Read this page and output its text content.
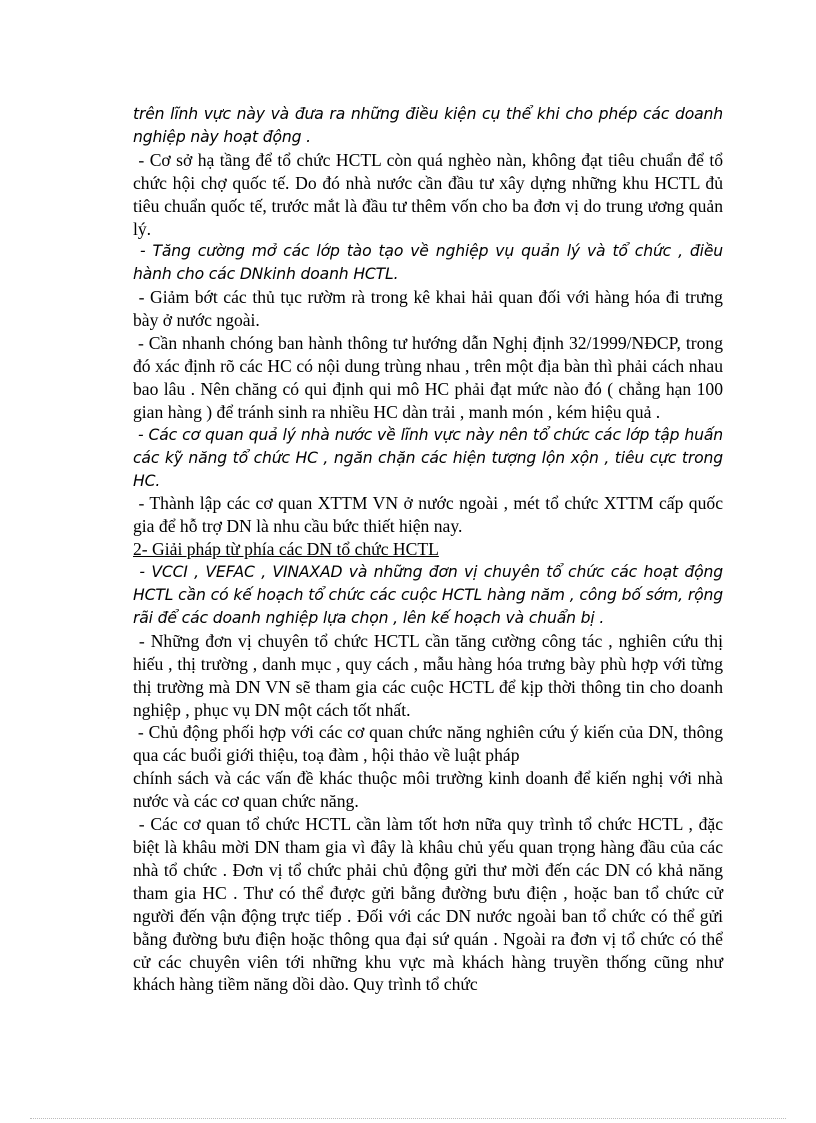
trên lĩnh vực này và đưa ra những điều kiện cụ thể khi cho phép các doanh nghiệp này hoạt động .

- Cơ sở hạ tầng để tổ chức HCTL còn quá nghèo nàn, không đạt tiêu chuẩn để tổ chức hội chợ quốc tế. Do đó nhà nước cần đầu tư xây dựng những khu HCTL đủ tiêu chuẩn quốc tế, trước mắt là đầu tư thêm vốn cho ba đơn vị do trung ương quản lý.

- Tăng cường mở các lớp tào tạo về nghiệp vụ quản lý và tổ chức , điều hành cho các DNkinh doanh HCTL.

- Giảm bớt các thủ tục rườm rà trong kê khai hải quan đối với hàng hóa đi trưng bày ở nước ngoài.

- Cần nhanh chóng ban hành thông tư hướng dẫn Nghị định 32/1999/NĐCP, trong đó xác định rõ các HC có nội dung trùng nhau , trên một địa bàn thì phải cách nhau bao lâu . Nên chăng có qui định qui mô HC phải đạt mức nào đó ( chẳng hạn 100 gian hàng ) để tránh sinh ra nhiều HC dàn trải , manh món , kém hiệu quả .

- Các cơ quan quả lý nhà nước về lĩnh vực này nên tổ chức các lớp tập huấn các kỹ năng tổ chức HC , ngăn chặn các hiện tượng lộn xộn , tiêu cực trong HC.

- Thành lập các cơ quan XTTM VN ở nước ngoài , mét tổ chức XTTM cấp quốc gia để hỗ trợ DN là nhu cầu bức thiết hiện nay.

2- Giải pháp từ phía các DN tổ chức HCTL

- VCCI , VEFAC , VINAXAD và những đơn vị chuyên tổ chức các hoạt động HCTL cần có kế hoạch tổ chức các cuộc HCTL hàng năm , công bố sớm, rộng rãi để các doanh nghiệp lựa chọn , lên kế hoạch và chuẩn bị .

- Những đơn vị chuyên tổ chức HCTL cần tăng cường công tác , nghiên cứu thị hiếu , thị trường , danh mục , quy cách , mẫu hàng hóa trưng bày phù hợp với từng thị trường mà DN VN sẽ tham gia các cuộc HCTL để kịp thời thông tin cho doanh nghiệp , phục vụ DN một cách tốt nhất.

- Chủ động phối hợp với các cơ quan chức năng nghiên cứu ý kiến của DN, thông qua các buổi giới thiệu, toạ đàm , hội thảo về luật pháp

chính sách và các vấn đề khác thuộc môi trường kinh doanh để kiến nghị với nhà nước và các cơ quan chức năng.

- Các cơ quan tổ chức HCTL cần làm tốt hơn nữa quy trình tổ chức HCTL , đặc biệt là khâu mời DN tham gia vì đây là khâu chủ yếu quan trọng hàng đầu của các nhà tổ chức . Đơn vị tổ chức phải chủ động gửi thư mời đến các DN có khả năng tham gia HC . Thư có thể được gửi bằng đường bưu điện , hoặc ban tổ chức cử người đến vận động trực tiếp . Đối với các DN nước ngoài ban tổ chức có thể gửi bằng đường bưu điện hoặc thông qua đại sứ quán . Ngoài ra đơn vị tổ chức có thể cử các chuyên viên tới những khu vực mà khách hàng truyền thống cũng như khách hàng tiềm năng dồi dào. Quy trình tổ chức
